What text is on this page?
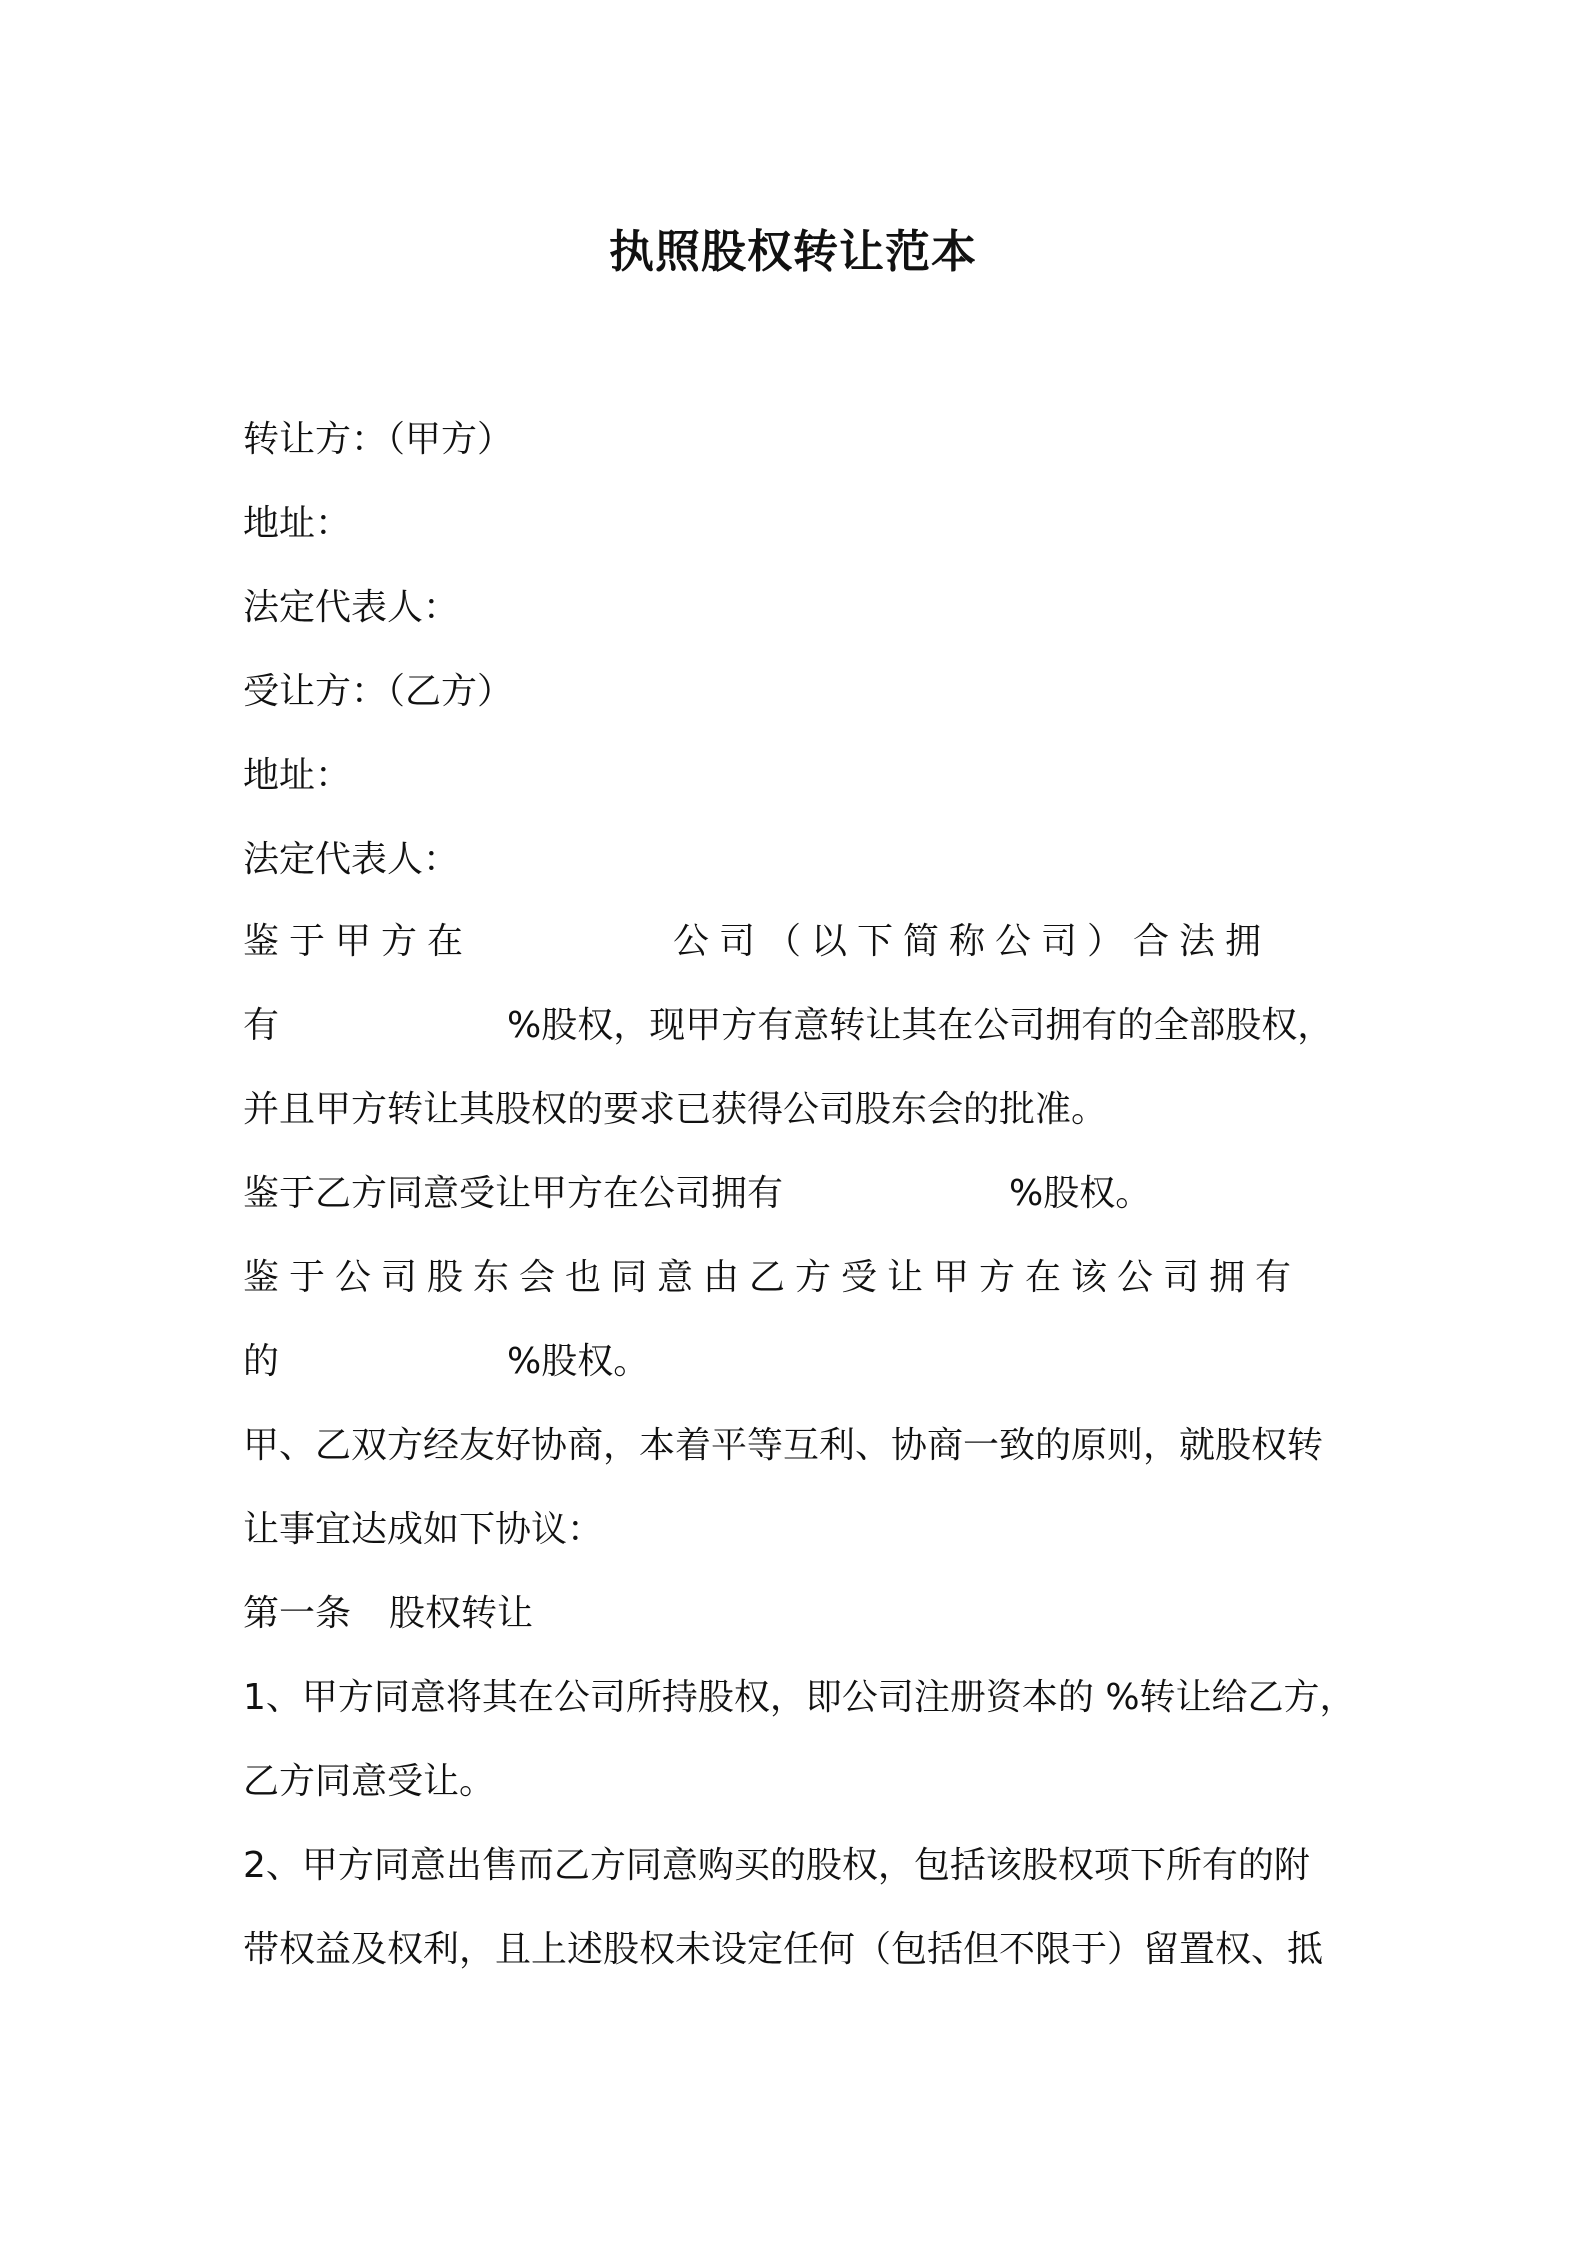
执照股权转让范本
转让方：（甲方）
地址：
法定代表人：
受让方：（乙方）
地址：
法定代表人：
鉴于甲方在	公司（以下简称公司）合法拥
有	%股权，现甲方有意转让其在公司拥有的全部股权，
并且甲方转让其股权的要求已获得公司股东会的批准。
鉴于乙方同意受让甲方在公司拥有	%股权。
鉴于公司股东会也同意由乙方受让甲方在该公司拥有
的	%股权。
甲、乙双方经友好协商，本着平等互利、协商一致的原则，就股权转
让事宜达成如下协议：
第一条 股权转让
1、甲方同意将其在公司所持股权，即公司注册资本的 %转让给乙方，
乙方同意受让。
2、甲方同意出售而乙方同意购买的股权，包括该股权项下所有的附
带权益及权利，且上述股权未设定任何（包括但不限于）留置权、抵
